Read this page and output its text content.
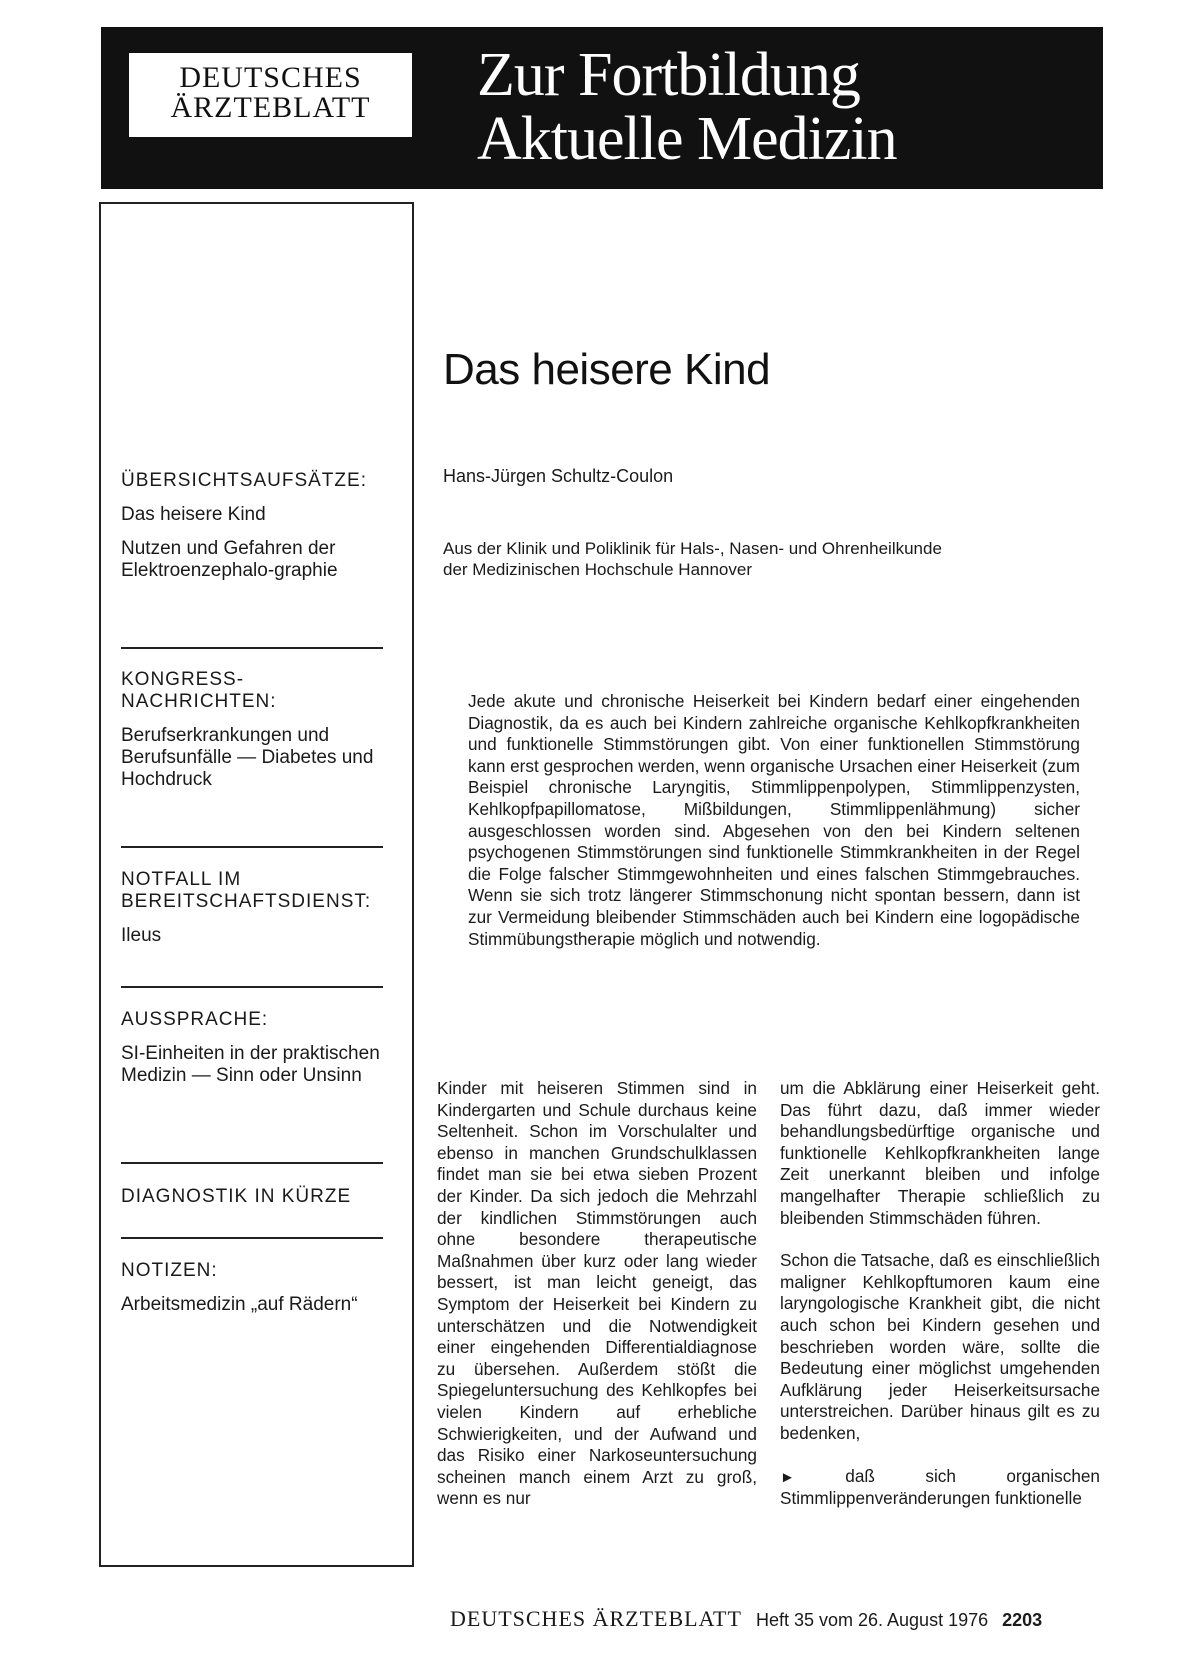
DEUTSCHES
ÄRZTEBLATT	Zur Fortbildung
Aktuelle Medizin
ÜBERSICHTSAUFSÄTZE:
Das heisere Kind
Nutzen und Gefahren der Elektroenzephalo-graphie
KONGRESS-NACHRICHTEN:
Berufserkrankungen und Berufsunfälle — Diabetes und Hochdruck
NOTFALL IM BEREITSCHAFTSDIENST:
Ileus
AUSSPRACHE:
SI-Einheiten in der praktischen Medizin — Sinn oder Unsinn
DIAGNOSTIK IN KÜRZE
NOTIZEN:
Arbeitsmedizin „auf Rädern“
Das heisere Kind
Hans-Jürgen Schultz-Coulon
Aus der Klinik und Poliklinik für Hals-, Nasen- und Ohrenheilkunde
der Medizinischen Hochschule Hannover

Jede akute und chronische Heiserkeit bei Kindern bedarf einer eingehenden Diagnostik, da es auch bei Kindern zahlreiche organische Kehlkopfkrankheiten und funktionelle Stimmstörungen gibt. Von einer funktionellen Stimmstörung kann erst gesprochen werden, wenn organische Ursachen einer Heiserkeit (zum Beispiel chronische Laryngitis, Stimmlippenpolypen, Stimmlippenzysten, Kehlkopfpapillomatose, Mißbildungen, Stimmlippenlähmung) sicher ausgeschlossen worden sind. Abgesehen von den bei Kindern seltenen psychogenen Stimmstörungen sind funktionelle Stimmkrankheiten in der Regel die Folge falscher Stimmgewohnheiten und eines falschen Stimmgebrauches. Wenn sie sich trotz längerer Stimmschonung nicht spontan bessern, dann ist zur Vermeidung bleibender Stimmschäden auch bei Kindern eine logopädische Stimmübungstherapie möglich und notwendig.

Kinder mit heiseren Stimmen sind in Kindergarten und Schule durchaus keine Seltenheit. Schon im Vorschulalter und ebenso in manchen Grundschulklassen findet man sie bei etwa sieben Prozent der Kinder. Da sich jedoch die Mehrzahl der kindlichen Stimmstörungen auch ohne besondere therapeutische Maßnahmen über kurz oder lang wieder bessert, ist man leicht geneigt, das Symptom der Heiserkeit bei Kindern zu unterschätzen und die Notwendigkeit einer eingehenden Differentialdiagnose zu übersehen. Außerdem stößt die Spiegeluntersuchung des Kehlkopfes bei vielen Kindern auf erhebliche Schwierigkeiten, und der Aufwand und das Risiko einer Narkoseuntersuchung scheinen manch einem Arzt zu groß, wenn es nur

um die Abklärung einer Heiserkeit geht. Das führt dazu, daß immer wieder behandlungsbedürftige organische und funktionelle Kehlkopfkrankheiten lange Zeit unerkannt bleiben und infolge mangelhafter Therapie schließlich zu bleibenden Stimmschäden führen.

Schon die Tatsache, daß es einschließlich maligner Kehlkopftumoren kaum eine laryngologische Krankheit gibt, die nicht auch schon bei Kindern gesehen und beschrieben worden wäre, sollte die Bedeutung einer möglichst umgehenden Aufklärung jeder Heiserkeitsursache unterstreichen. Darüber hinaus gilt es zu bedenken,

►	daß sich organischen Stimmlippenveränderungen funktionelle

DEUTSCHES ÄRZTEBLATT Heft 35 vom 26. August 1976 2203
